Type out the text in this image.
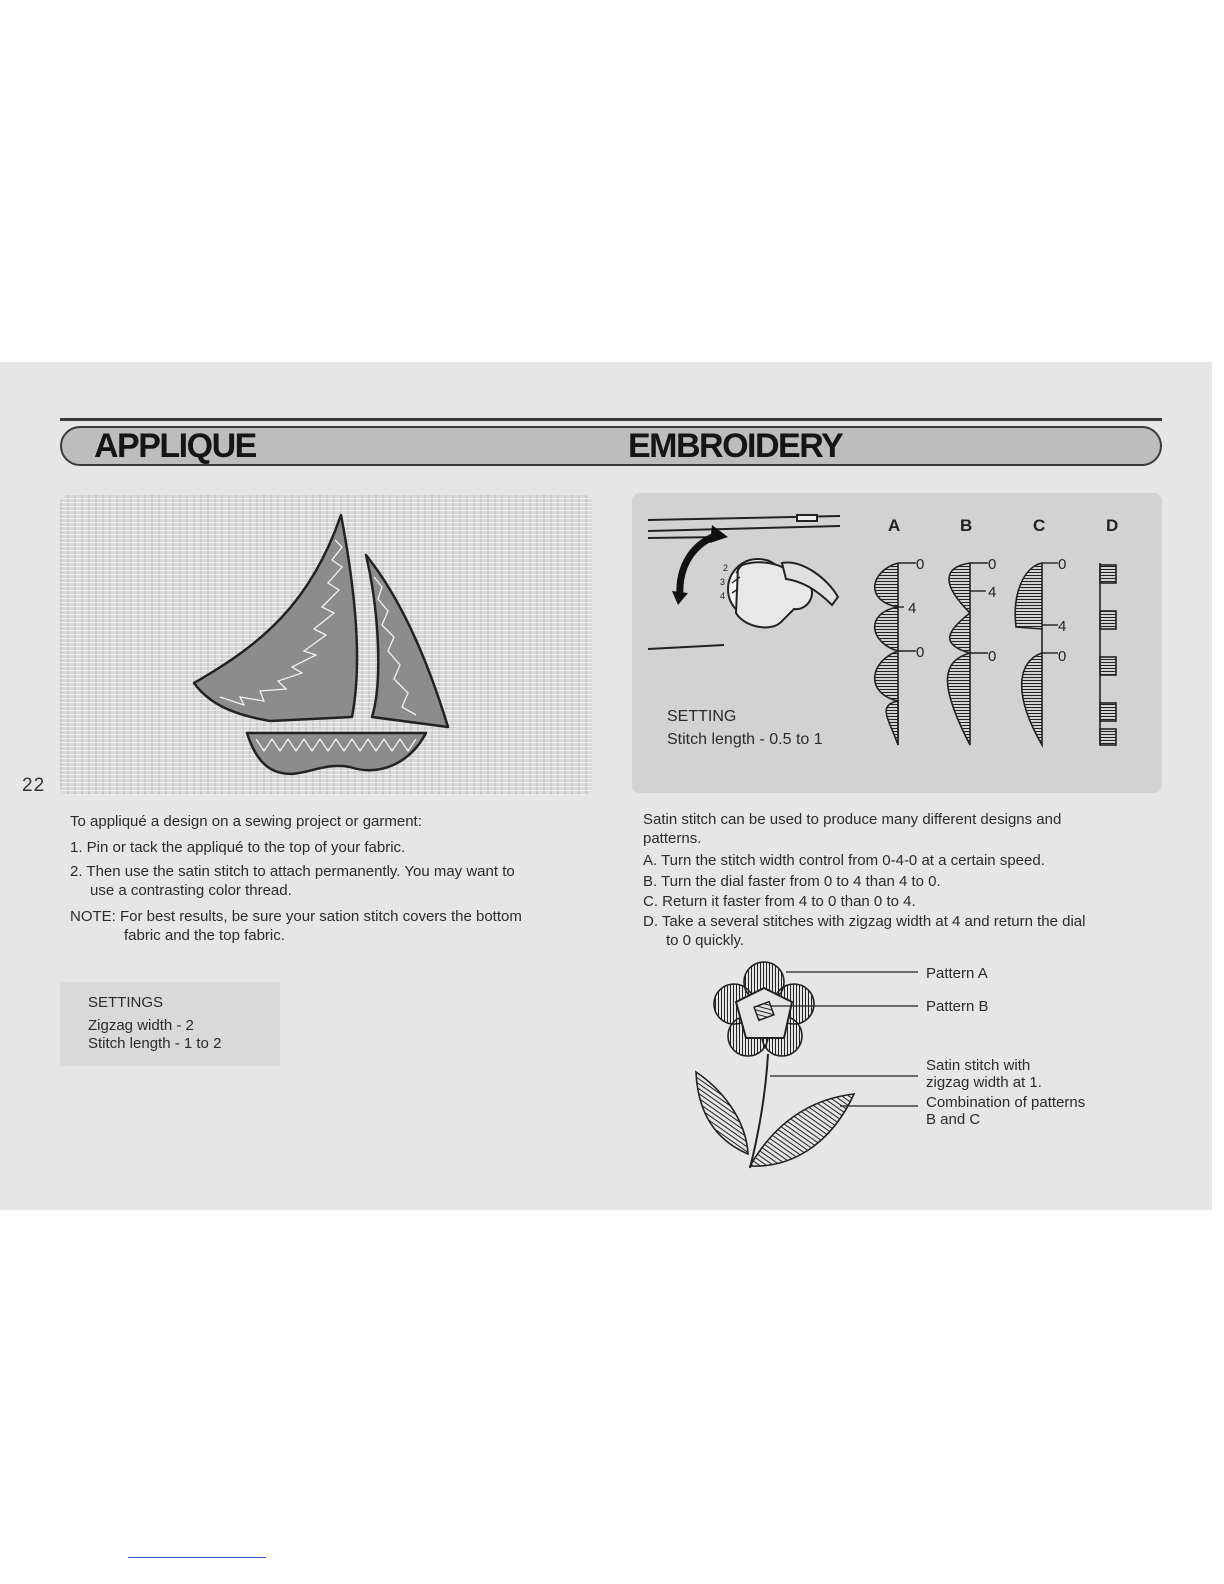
APPLIQUE	EMBROIDERY
22
To appliqué a design on a sewing project or garment:
1. Pin or tack the appliqué to the top of your fabric.
2. Then use the satin stitch to attach permanently. You may want to
use a contrasting color thread.
NOTE: For best results, be sure your sation stitch covers the bottom
fabric and the top fabric.
SETTINGS
Zigzag width - 2
Stitch length - 1 to 2
2
3
4
SETTING
Stitch length - 0.5 to 1
A	B	C	D
0
4
0
0
4
0
0
4
0
Satin stitch can be used to produce many different designs and
patterns.
A. Turn the stitch width control from 0-4-0 at a certain speed.
B. Turn the dial faster from 0 to 4 than 4 to 0.
C. Return it faster from 4 to 0 than 0 to 4.
D. Take a several stitches with zigzag width at 4 and return the dial
to 0 quickly.
Pattern A
Pattern B
Satin stitch with
zigzag width at 1.
Combination of patterns
B and C
